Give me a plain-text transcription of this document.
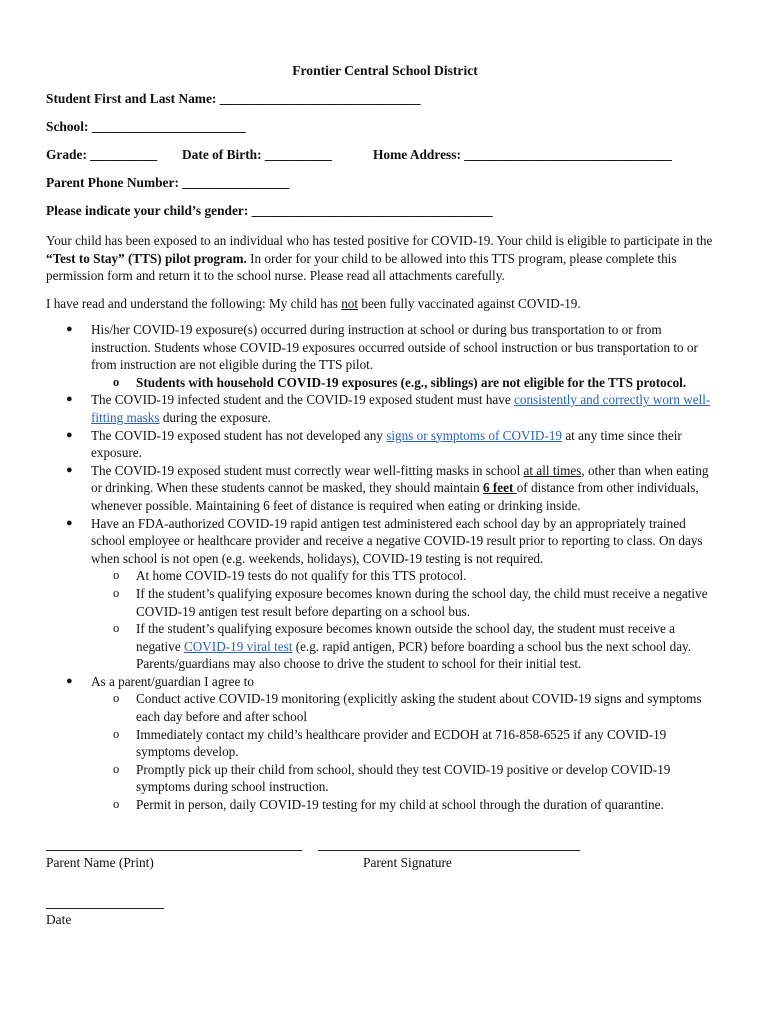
Frontier Central School District
Student First and Last Name: ______________________________
School: _______________________
Grade: __________ Date of Birth: __________	Home Address: _______________________________
Parent Phone Number: ________________
Please indicate your child’s gender: ____________________________________
Your child has been exposed to an individual who has tested positive for COVID-19. Your child is eligible to participate in the “Test to Stay” (TTS) pilot program. In order for your child to be allowed into this TTS program, please complete this permission form and return it to the school nurse. Please read all attachments carefully.
I have read and understand the following: My child has not been fully vaccinated against COVID-19.
● His/her COVID-19 exposure(s) occurred during instruction at school or during bus transportation to or from instruction. Students whose COVID-19 exposures occurred outside of school instruction or bus transportation to or from instruction are not eligible during the TTS pilot.
o Students with household COVID-19 exposures (e.g., siblings) are not eligible for the TTS protocol.
● The COVID-19 infected student and the COVID-19 exposed student must have consistently and correctly worn well-fitting masks during the exposure.
● The COVID-19 exposed student has not developed any signs or symptoms of COVID-19 at any time since their exposure.
● The COVID-19 exposed student must correctly wear well-fitting masks in school at all times, other than when eating or drinking. When these students cannot be masked, they should maintain 6 feet of distance from other individuals, whenever possible. Maintaining 6 feet of distance is required when eating or drinking inside.
● Have an FDA-authorized COVID-19 rapid antigen test administered each school day by an appropriately trained school employee or healthcare provider and receive a negative COVID-19 result prior to reporting to class. On days when school is not open (e.g. weekends, holidays), COVID-19 testing is not required.
o At home COVID-19 tests do not qualify for this TTS protocol.
o If the student’s qualifying exposure becomes known during the school day, the child must receive a negative COVID-19 antigen test result before departing on a school bus.
o If the student’s qualifying exposure becomes known outside the school day, the student must receive a negative COVID-19 viral test (e.g. rapid antigen, PCR) before boarding a school bus the next school day. Parents/guardians may also choose to drive the student to school for their initial test.
● As a parent/guardian I agree to
o Conduct active COVID-19 monitoring (explicitly asking the student about COVID-19 signs and symptoms each day before and after school
o Immediately contact my child’s healthcare provider and ECDOH at 716-858-6525 if any COVID-19 symptoms develop.
o Promptly pick up their child from school, should they test COVID-19 positive or develop COVID-19 symptoms during school instruction.
o Permit in person, daily COVID-19 testing for my child at school through the duration of quarantine.
Parent Name (Print)	Parent Signature
Date
